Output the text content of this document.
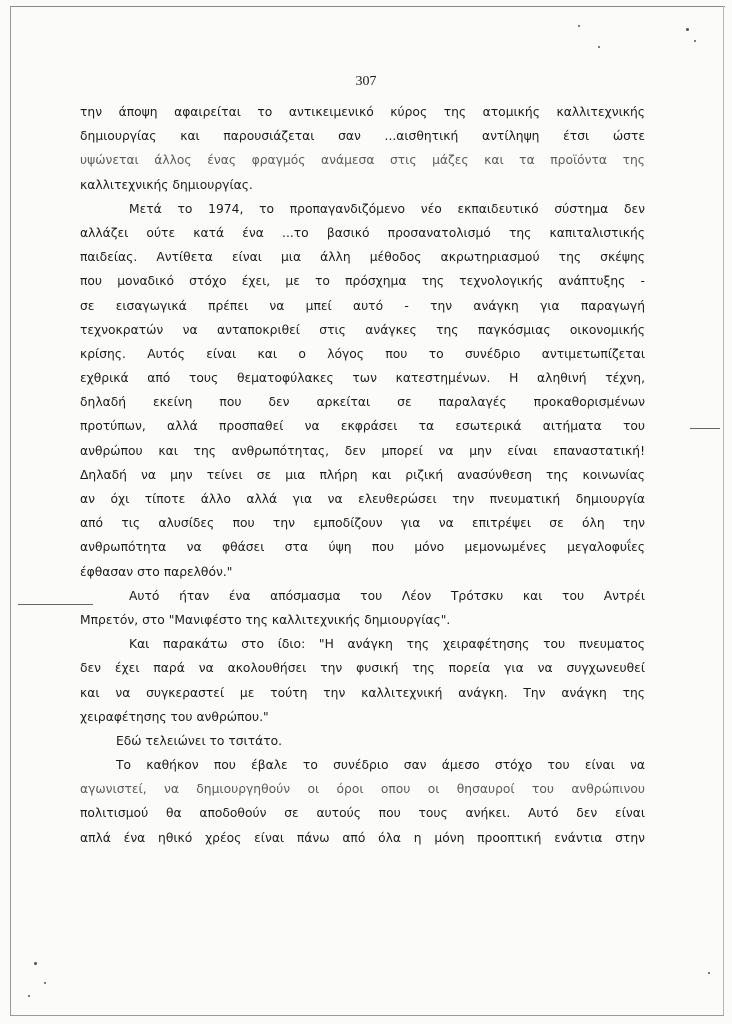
307
την άποψη αφαιρείται το αντικειμενικό κύρος της ατομικής καλλιτεχνικής
δημιουργίας και παρουσιάζεται σαν ...αισθητική αντίληψη έτσι ώστε
υψώνεται άλλος ένας φραγμός ανάμεσα στις μάζες και τα προϊόντα της
καλλιτεχνικής δημιουργίας.
Μετά το 1974, το προπαγανδιζόμενο νέο εκπαιδευτικό σύστημα δεν
αλλάζει ούτε κατά ένα ...το βασικό προσανατολισμό της καπιταλιστικής
παιδείας. Αντίθετα είναι μια άλλη μέθοδος ακρωτηριασμού της σκέψης
που μοναδικό στόχο έχει, με το πρόσχημα της τεχνολογικής ανάπτυξης -
σε εισαγωγικά πρέπει να μπεί αυτό - την ανάγκη για παραγωγή
τεχνοκρατών να ανταποκριθεί στις ανάγκες της παγκόσμιας οικονομικής
κρίσης. Αυτός είναι και ο λόγος που το συνέδριο αντιμετωπίζεται
εχθρικά από τους θεματοφύλακες των κατεστημένων. Η αληθινή τέχνη,
δηλαδή εκείνη που δεν αρκείται σε παραλαγές προκαθορισμένων
προτύπων, αλλά προσπαθεί να εκφράσει τα εσωτερικά αιτήματα του
ανθρώπου και της ανθρωπότητας, δεν μπορεί να μην είναι επαναστατική!
Δηλαδή να μην τείνει σε μια πλήρη και ριζική ανασύνθεση της κοινωνίας
αν όχι τίποτε άλλο αλλά για να ελευθερώσει την πνευματική δημιουργία
από τις αλυσίδες που την εμποδίζουν για να επιτρέψει σε όλη την
ανθρωπότητα να φθάσει στα ύψη που μόνο μεμονωμένες μεγαλοφυΐες
έφθασαν στο παρελθόν."
Αυτό ήταν ένα απόσμασμα του Λέον Τρότσκυ και του Αντρέι
Μπρετόν, στο "Μανιφέστο της καλλιτεχνικής δημιουργίας".
Και παρακάτω στο ίδιο: "Η ανάγκη της χειραφέτησης του πνευματος
δεν έχει παρά να ακολουθήσει την φυσική της πορεία για να συγχωνευθεί
και να συγκεραστεί με τούτη την καλλιτεχνική ανάγκη. Την ανάγκη της
χειραφέτησης του ανθρώπου."
Εδώ τελειώνει το τσιτάτο.
Το καθήκον που έβαλε το συνέδριο σαν άμεσο στόχο του είναι να
αγωνιστεί, να δημιουργηθούν οι όροι οπου οι θησαυροί του ανθρώπινου
πολιτισμού θα αποδοθούν σε αυτούς που τους ανήκει. Αυτό δεν είναι
απλά ένα ηθικό χρέος είναι πάνω από όλα η μόνη προοπτική ενάντια στην
